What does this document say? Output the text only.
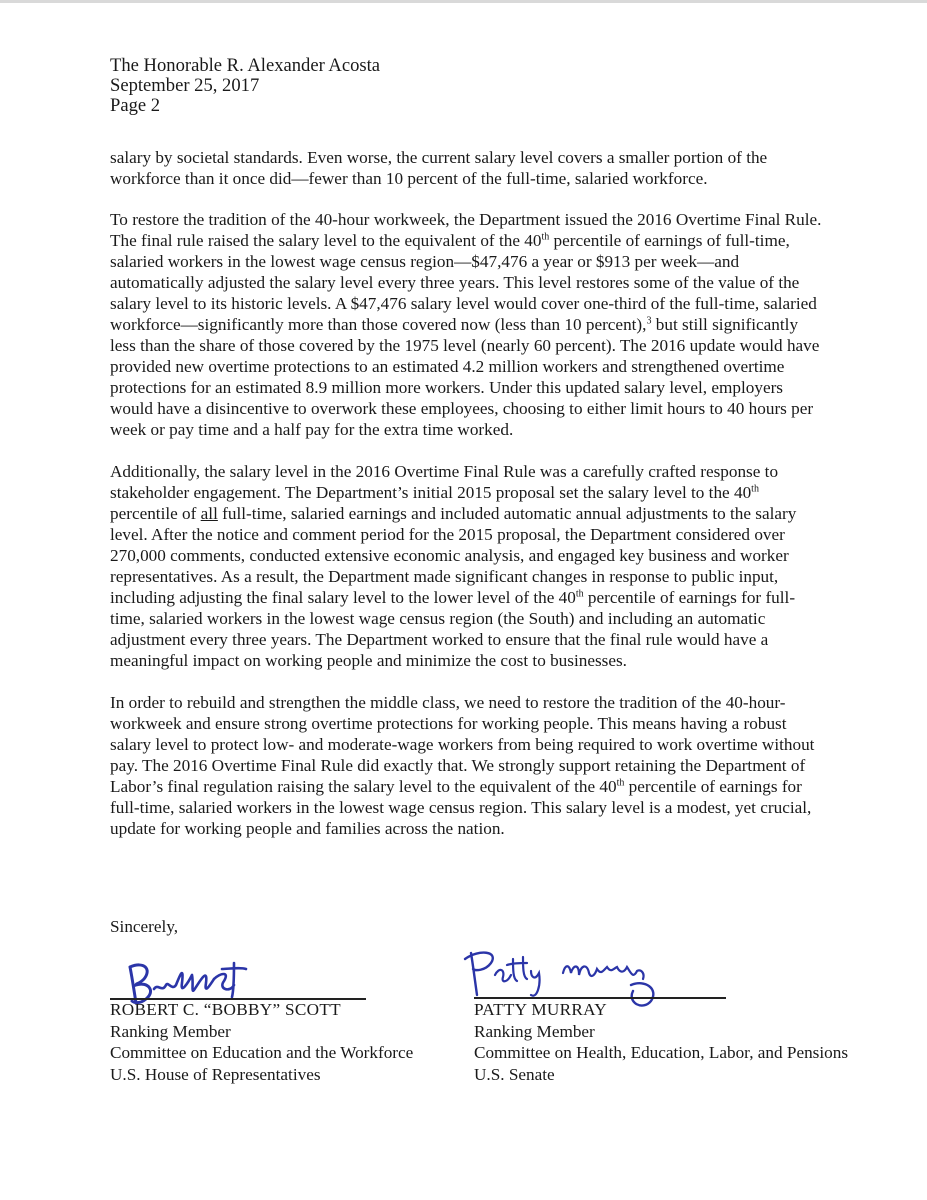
The Honorable R. Alexander Acosta
September 25, 2017
Page 2

salary by societal standards. Even worse, the current salary level covers a smaller portion of the workforce than it once did—fewer than 10 percent of the full-time, salaried workforce.

To restore the tradition of the 40-hour workweek, the Department issued the 2016 Overtime Final Rule. The final rule raised the salary level to the equivalent of the 40th percentile of earnings of full-time, salaried workers in the lowest wage census region—$47,476 a year or $913 per week—and automatically adjusted the salary level every three years. This level restores some of the value of the salary level to its historic levels. A $47,476 salary level would cover one-third of the full-time, salaried workforce—significantly more than those covered now (less than 10 percent),$^3$ but still significantly less than the share of those covered by the 1975 level (nearly 60 percent). The 2016 update would have provided new overtime protections to an estimated 4.2 million workers and strengthened overtime protections for an estimated 8.9 million more workers. Under this updated salary level, employers would have a disincentive to overwork these employees, choosing to either limit hours to 40 hours per week or pay time and a half pay for the extra time worked.

Additionally, the salary level in the 2016 Overtime Final Rule was a carefully crafted response to stakeholder engagement. The Department’s initial 2015 proposal set the salary level to the 40th percentile of all full-time, salaried earnings and included automatic annual adjustments to the salary level. After the notice and comment period for the 2015 proposal, the Department considered over 270,000 comments, conducted extensive economic analysis, and engaged key business and worker representatives. As a result, the Department made significant changes in response to public input, including adjusting the final salary level to the lower level of the 40th percentile of earnings for full-time, salaried workers in the lowest wage census region (the South) and including an automatic adjustment every three years. The Department worked to ensure that the final rule would have a meaningful impact on working people and minimize the cost to businesses.

In order to rebuild and strengthen the middle class, we need to restore the tradition of the 40-hour-workweek and ensure strong overtime protections for working people. This means having a robust salary level to protect low- and moderate-wage workers from being required to work overtime without pay. The 2016 Overtime Final Rule did exactly that. We strongly support retaining the Department of Labor’s final regulation raising the salary level to the equivalent of the 40th percentile of earnings for full-time, salaried workers in the lowest wage census region. This salary level is a modest, yet crucial, update for working people and families across the nation.

Sincerely,
ROBERT C. “BOBBY” SCOTT
Ranking Member
Committee on Education and the Workforce
U.S. House of Representatives
PATTY MURRAY
Ranking Member
Committee on Health, Education, Labor, and Pensions
U.S. Senate
